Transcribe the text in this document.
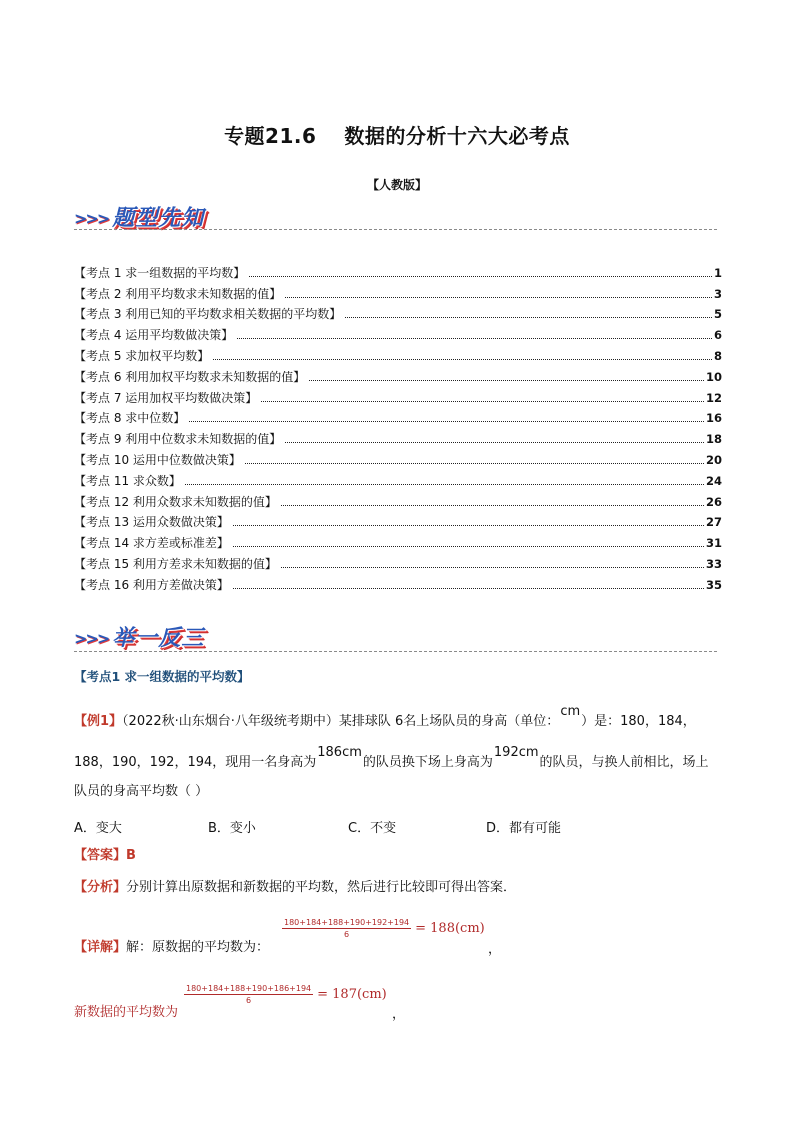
专题21.6 数据的分析十六大必考点
【人教版】
>>> 题型先知
【考点 1 求一组数据的平均数】	1
【考点 2 利用平均数求未知数据的值】	3
【考点 3 利用已知的平均数求相关数据的平均数】	5
【考点 4 运用平均数做决策】	6
【考点 5 求加权平均数】	8
【考点 6 利用加权平均数求未知数据的值】	10
【考点 7 运用加权平均数做决策】	12
【考点 8 求中位数】	16
【考点 9 利用中位数求未知数据的值】	18
【考点 10 运用中位数做决策】	20
【考点 11 求众数】	24
【考点 12 利用众数求未知数据的值】	26
【考点 13 运用众数做决策】	27
【考点 14 求方差或标准差】	31
【考点 15 利用方差求未知数据的值】	33
【考点 16 利用方差做决策】	35
>>> 举一反三
【考点1 求一组数据的平均数】
【例1】（2022秋·山东烟台·八年级统考期中）某排球队 6名上场队员的身高（单位：cm）是：180，184，
188，190，192，194，现用一名身高为186cm的队员换下场上身高为192cm的队员，与换人前相比，场上
队员的身高平均数（ ）
A．变大	B．变小	C．不变	D．都有可能
【答案】B
【分析】分别计算出原数据和新数据的平均数，然后进行比较即可得出答案．
【详解】解：原数据的平均数为：
$\frac{180+184+188+190+192+194}{6} = 188(cm)$
，
$\frac{180+184+188+190+186+194}{6} = 187(cm)$
新数据的平均数为	，
